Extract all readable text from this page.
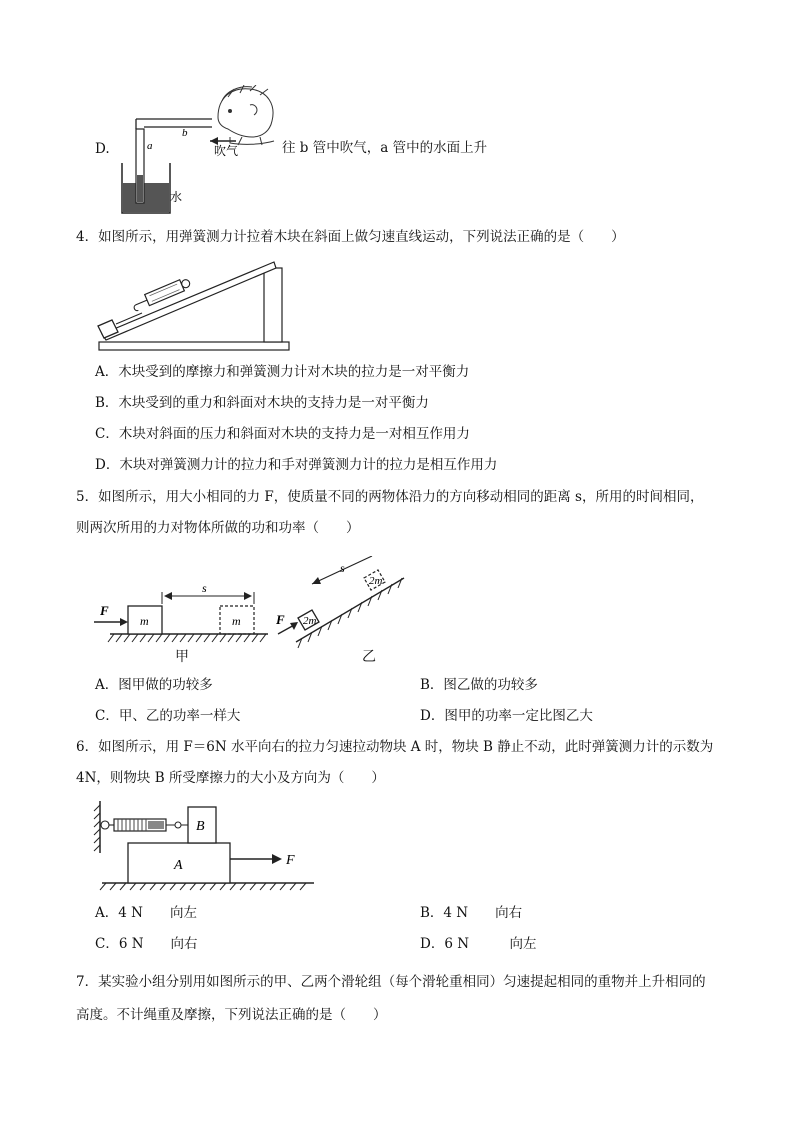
D.	a
b
吹气
水
往 b 管中吹气，a 管中的水面上升
4．如图所示，用弹簧测力计拉着木块在斜面上做匀速直线运动，下列说法正确的是（　　）
A．木块受到的摩擦力和弹簧测力计对木块的拉力是一对平衡力
B．木块受到的重力和斜面对木块的支持力是一对平衡力
C．木块对斜面的压力和斜面对木块的支持力是一对相互作用力
D．木块对弹簧测力计的拉力和手对弹簧测力计的拉力是相互作用力
5．如图所示，用大小相同的力 F，使质量不同的两物体沿力的方向移动相同的距离 s，所用的时间相同，
则两次所用的力对物体所做的功和功率（　　）
m	m
F
s
甲
2m
2m
F
s
乙
A．图甲做的功较多	B．图乙做的功较多
C．甲、乙的功率一样大	D．图甲的功率一定比图乙大
6．如图所示，用 F＝6N 水平向右的拉力匀速拉动物块 A 时，物块 B 静止不动，此时弹簧测力计的示数为
4N，则物块 B 所受摩擦力的大小及方向为（　　）
A
B
F
A．4 N　　向左	B．4 N　　向右
C．6 N　　向右	D．6 N　　　向左
7．某实验小组分别用如图所示的甲、乙两个滑轮组（每个滑轮重相同）匀速提起相同的重物并上升相同的
高度。不计绳重及摩擦，下列说法正确的是（　　）
